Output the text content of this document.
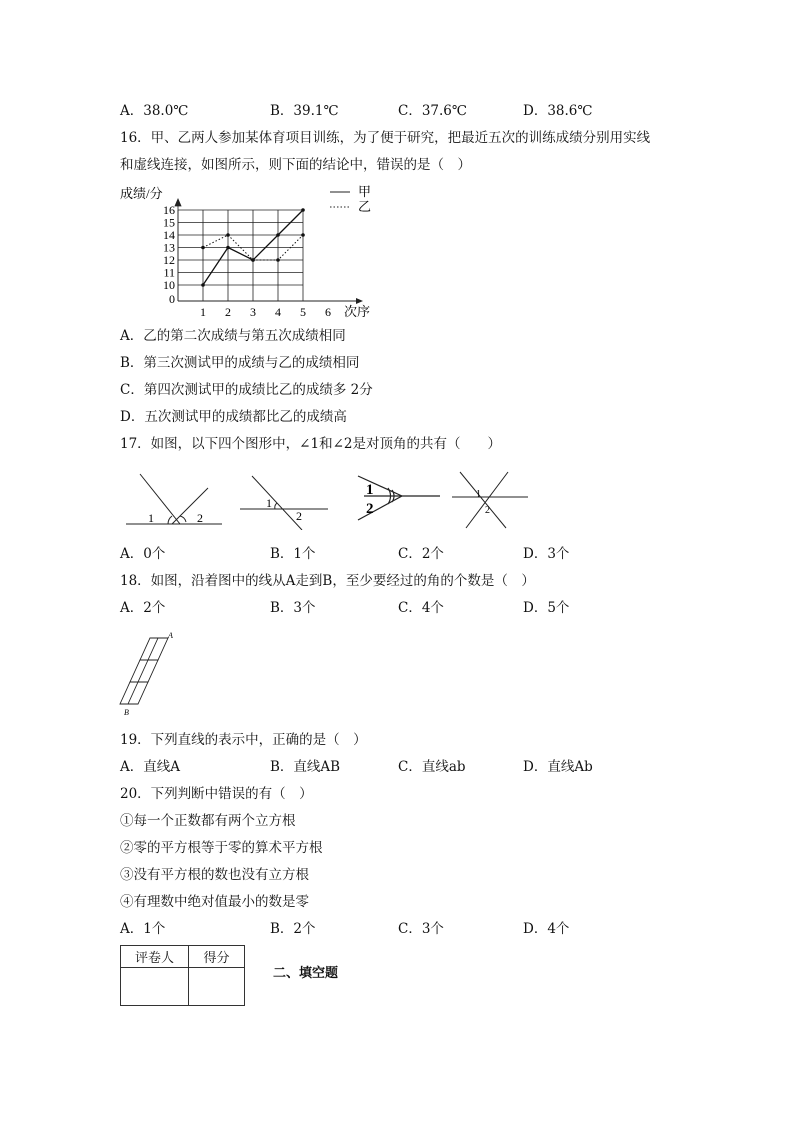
A．38.0℃	B．39.1℃	C．37.6℃	D．38.6℃
16．甲、乙两人参加某体育项目训练，为了便于研究，把最近五次的训练成绩分别用实线
和虚线连接，如图所示，则下面的结论中，错误的是（　）
成绩/分
0
10
11
12
13
14
15
16
1 2 3 4 5 6 次序
甲
乙
A．乙的第二次成绩与第五次成绩相同
B．第三次测试甲的成绩与乙的成绩相同
C．第四次测试甲的成绩比乙的成绩多 2分
D．五次测试甲的成绩都比乙的成绩高
17．如图，以下四个图形中，∠1和∠2是对顶角的共有（　　）
1	2
1
2
1
2
1
2
A．0个	B．1个	C．2个	D．3个
18．如图，沿着图中的线从A走到B，至少要经过的角的个数是（　）
A．2个	B．3个	C．4个	D．5个
A
B
19．下列直线的表示中，正确的是（　）
A．直线A	B．直线AB	C．直线ab	D．直线Ab
20．下列判断中错误的有（　）
①每一个正数都有两个立方根
②零的平方根等于零的算术平方根
③没有平方根的数也没有立方根
④有理数中绝对值最小的数是零
A．1个	B．2个	C．3个	D．4个
评卷人	得分

二、填空题
